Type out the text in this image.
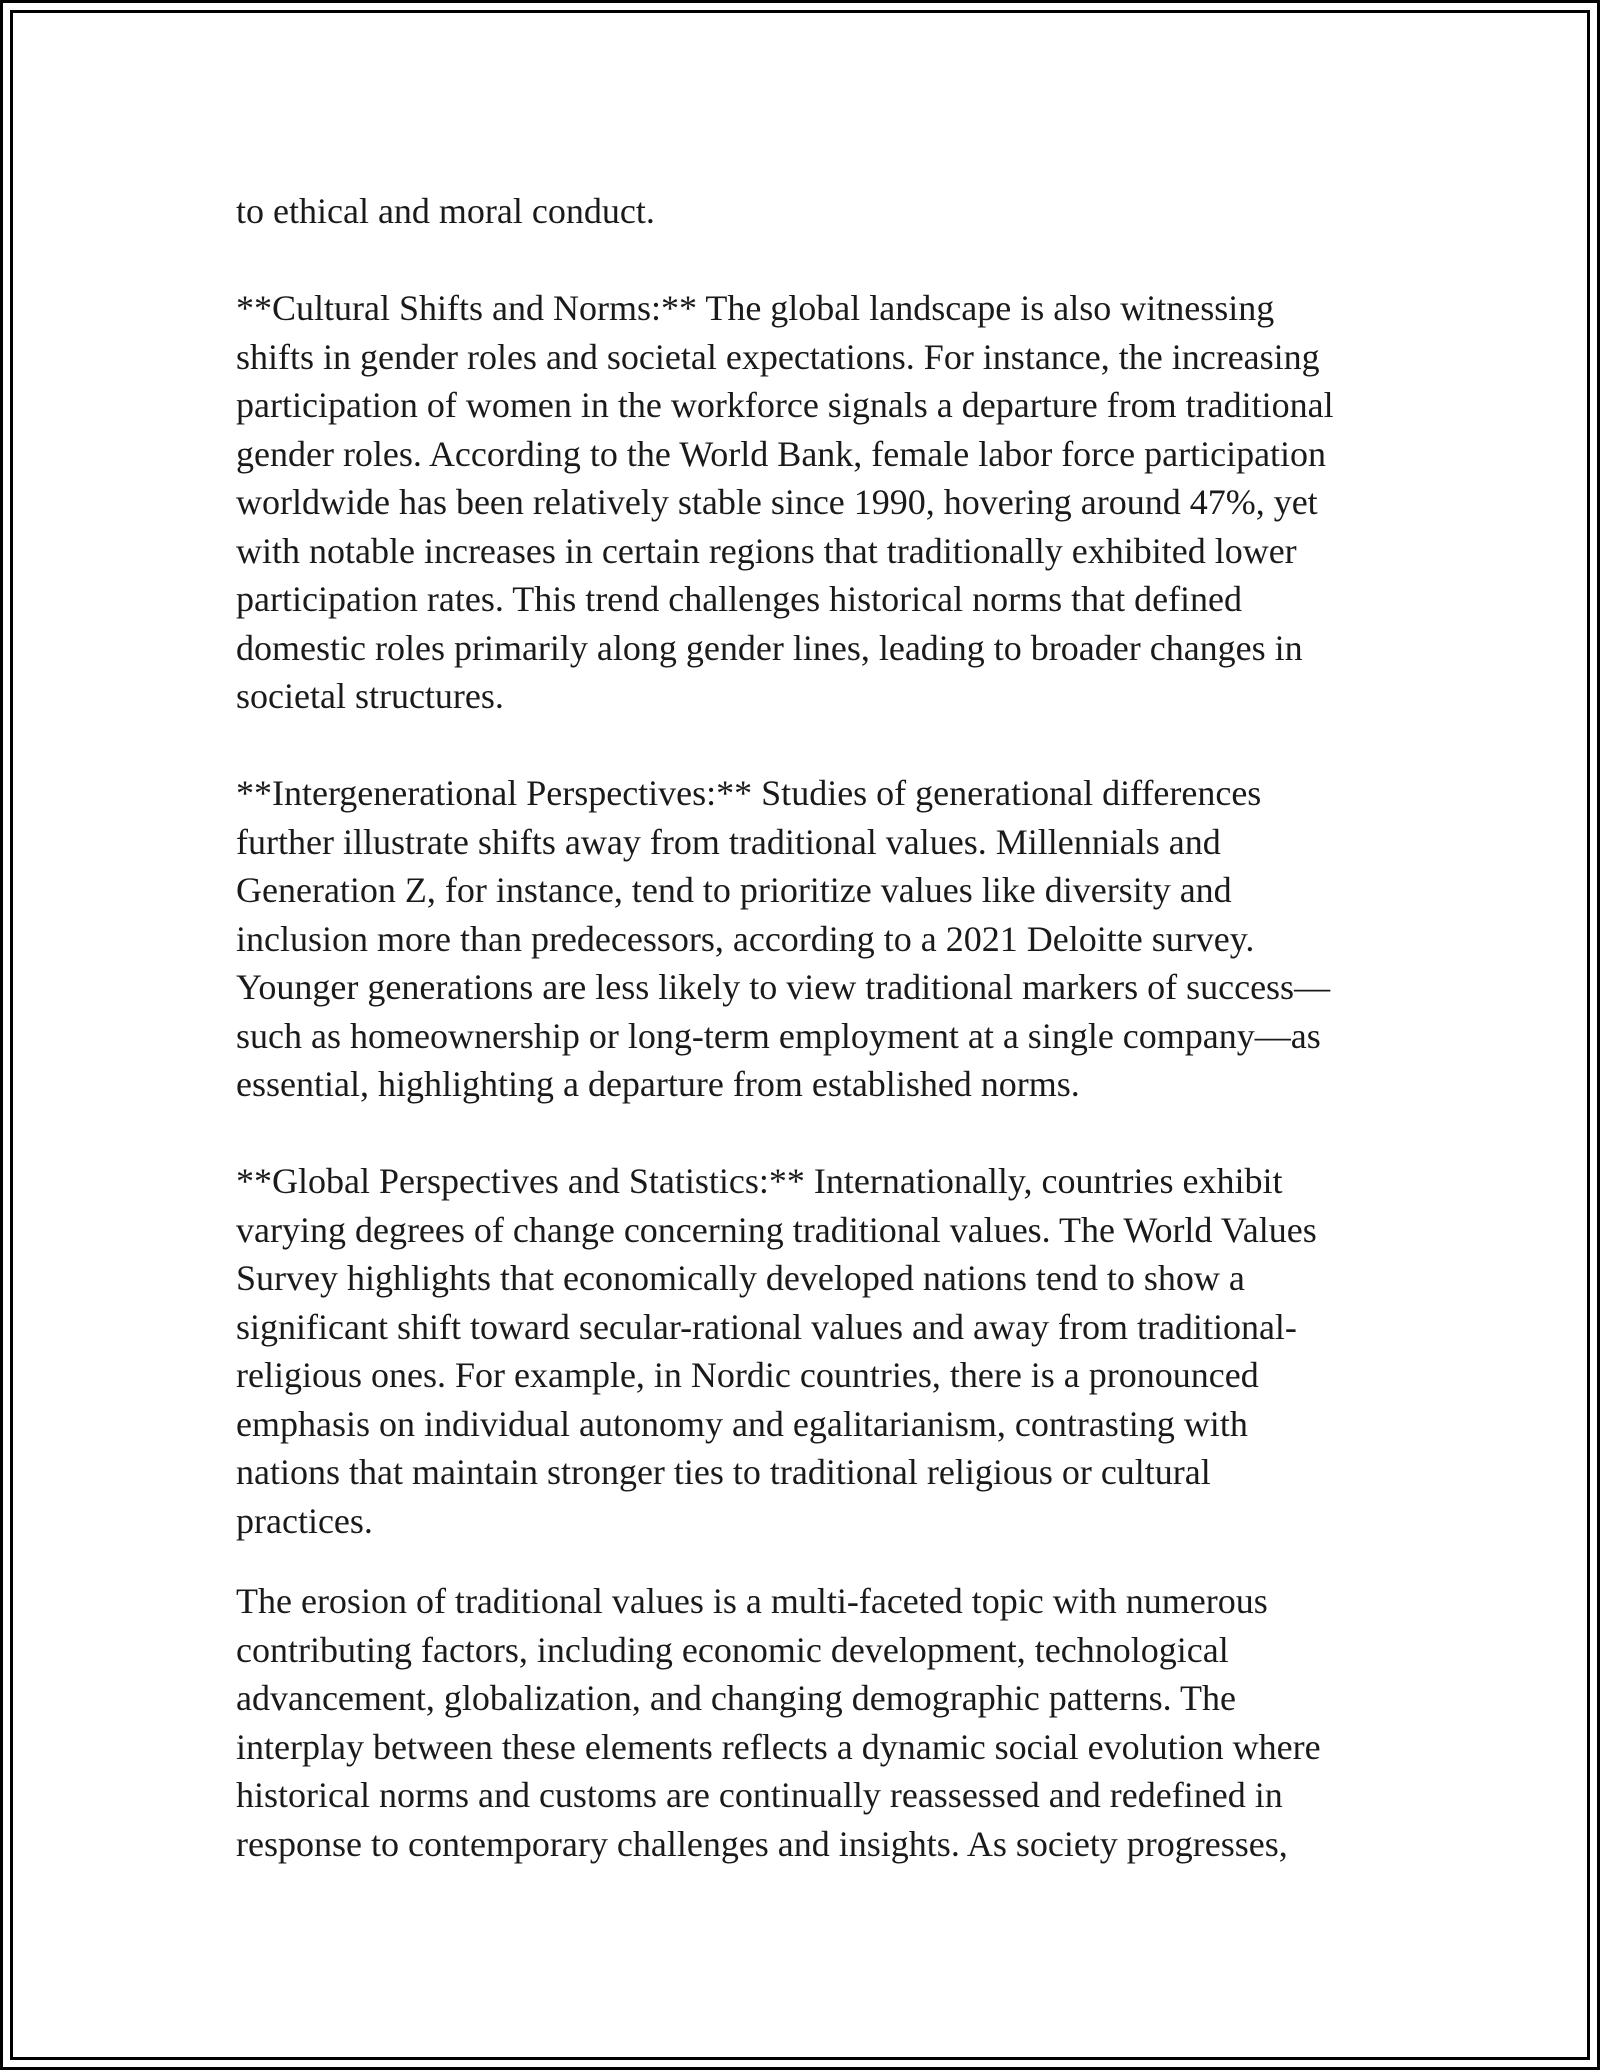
to ethical and moral conduct.

**Cultural Shifts and Norms:** The global landscape is also witnessing
shifts in gender roles and societal expectations. For instance, the increasing
participation of women in the workforce signals a departure from traditional
gender roles. According to the World Bank, female labor force participation
worldwide has been relatively stable since 1990, hovering around 47%, yet
with notable increases in certain regions that traditionally exhibited lower
participation rates. This trend challenges historical norms that defined
domestic roles primarily along gender lines, leading to broader changes in
societal structures.

**Intergenerational Perspectives:** Studies of generational differences
further illustrate shifts away from traditional values. Millennials and
Generation Z, for instance, tend to prioritize values like diversity and
inclusion more than predecessors, according to a 2021 Deloitte survey.
Younger generations are less likely to view traditional markers of success—
such as homeownership or long-term employment at a single company—as
essential, highlighting a departure from established norms.

**Global Perspectives and Statistics:** Internationally, countries exhibit
varying degrees of change concerning traditional values. The World Values
Survey highlights that economically developed nations tend to show a
significant shift toward secular-rational values and away from traditional-
religious ones. For example, in Nordic countries, there is a pronounced
emphasis on individual autonomy and egalitarianism, contrasting with
nations that maintain stronger ties to traditional religious or cultural
practices.

The erosion of traditional values is a multi-faceted topic with numerous
contributing factors, including economic development, technological
advancement, globalization, and changing demographic patterns. The
interplay between these elements reflects a dynamic social evolution where
historical norms and customs are continually reassessed and redefined in
response to contemporary challenges and insights. As society progresses,
